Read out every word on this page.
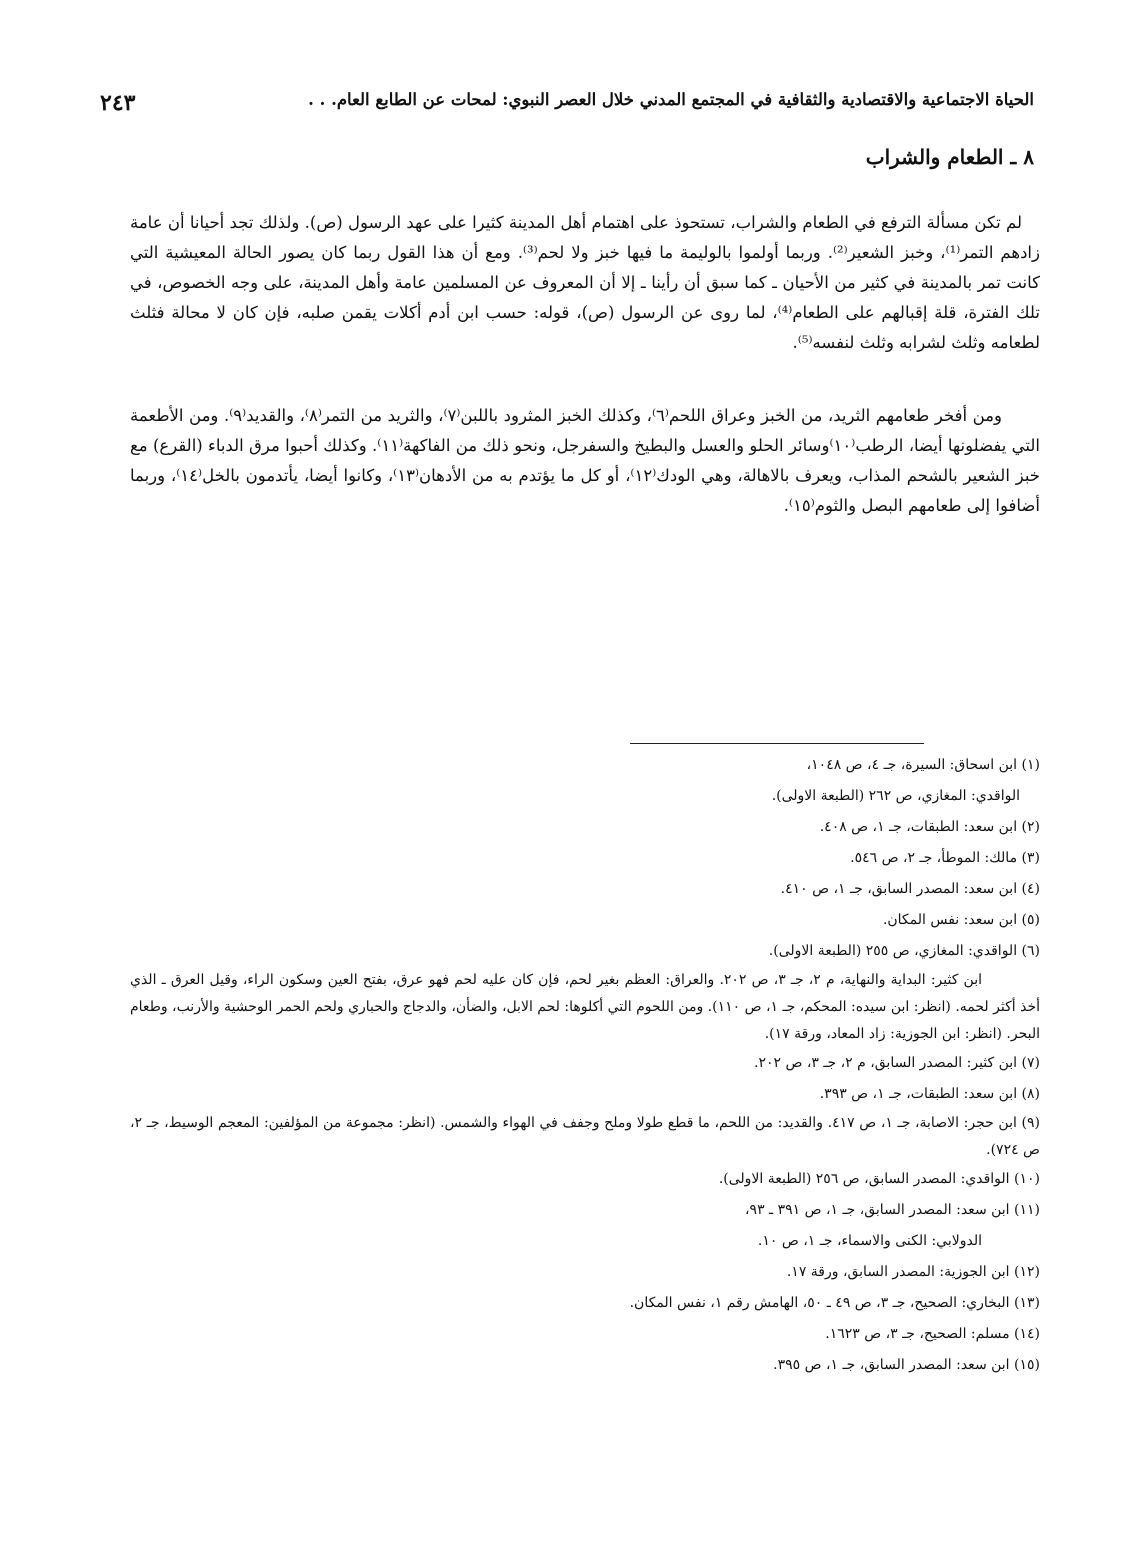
الحياة الاجتماعية والاقتصادية والثقافية في المجتمع المدني خلال العصر النبوي: لمحات عن الطابع العام. . .
٢٤٣
٨ ـ الطعام والشراب

لم تكن مسألة الترفع في الطعام والشراب، تستحوذ على اهتمام أهل المدينة كثيرا على عهد الرسول (ص). ولذلك تجد أحيانا أن عامة زادهم التمر⁽¹⁾، وخبز الشعير⁽²⁾. وربما أولموا بالوليمة ما فيها خبز ولا لحم⁽³⁾. ومع أن هذا القول ربما كان يصور الحالة المعيشية التي كانت تمر بالمدينة في كثير من الأحيان ـ كما سبق أن رأينا ـ إلا أن المعروف عن المسلمين عامة وأهل المدينة، على وجه الخصوص، في تلك الفترة، قلة إقبالهم على الطعام⁽⁴⁾، لما روى عن الرسول (ص)، قوله: حسب ابن أدم أكلات يقمن صلبه، فإن كان لا محالة فثلث لطعامه وثلث لشرابه وثلث لنفسه⁽⁵⁾.

ومن أفخر طعامهم الثريد، من الخبز وعراق اللحم⁽٦⁾، وكذلك الخبز المثرود باللبن⁽٧⁾، والثريد من التمر⁽٨⁾، والقديد⁽٩⁾. ومن الأطعمة التي يفضلونها أيضا، الرطب⁽١٠⁾وسائر الحلو والعسل والبطيخ والسفرجل، ونحو ذلك من الفاكهة⁽١١⁾. وكذلك أحبوا مرق الدباء (القرع) مع خبز الشعير بالشحم المذاب، ويعرف بالاهالة، وهي الودك⁽١٢⁾، أو كل ما يؤتدم به من الأدهان⁽١٣⁾، وكانوا أيضا، يأتدمون بالخل⁽١٤⁾، وربما أضافوا إلى طعامهم البصل والثوم⁽١٥⁾.

(١) ابن اسحاق: السيرة، جـ ٤، ص ١٠٤٨،

الواقدي: المغازي، ص ٢٦٢ (الطبعة الاولى).

(٢) ابن سعد: الطبقات، جـ ١، ص ٤٠٨.

(٣) مالك: الموطأ، جـ ٢، ص ٥٤٦.

(٤) ابن سعد: المصدر السابق، جـ ١، ص ٤١٠.

(٥) ابن سعد: نفس المكان.

(٦) الواقدي: المغازي، ص ٢٥٥ (الطبعة الاولى).

ابن كثير: البداية والنهاية، م ٢، جـ ٣، ص ٢٠٢. والعراق: العظم بغير لحم، فإن كان عليه لحم فهو عرق، بفتح العين وسكون الراء، وقيل العرق ـ الذي أخذ أكثر لحمه. (انظر: ابن سيده: المحكم، جـ ١، ص ١١٠). ومن اللحوم التي أكلوها: لحم الابل، والضأن، والدجاج والحباري ولحم الحمر الوحشية والأرنب، وطعام البحر. (انظر: ابن الجوزية: زاد المعاد، ورقة ١٧).

(٧) ابن كثير: المصدر السابق، م ٢، جـ ٣، ص ٢٠٢.

(٨) ابن سعد: الطبقات، جـ ١، ص ٣٩٣.

(٩) ابن حجر: الاصابة، جـ ١، ص ٤١٧. والقديد: من اللحم، ما قطع طولا وملح وجفف في الهواء والشمس. (انظر: مجموعة من المؤلفين: المعجم الوسيط، جـ ٢، ص ٧٢٤).

(١٠) الواقدي: المصدر السابق، ص ٢٥٦ (الطبعة الاولى).

(١١) ابن سعد: المصدر السابق، جـ ١، ص ٣٩١ ـ ٩٣،

الدولابي: الكنى والاسماء، جـ ١، ص ١٠.

(١٢) ابن الجوزية: المصدر السابق، ورقة ١٧.

(١٣) البخاري: الصحيح، جـ ٣، ص ٤٩ ـ ٥٠، الهامش رقم ١، نفس المكان.

(١٤) مسلم: الصحيح، جـ ٣، ص ١٦٢٣.

(١٥) ابن سعد: المصدر السابق، جـ ١، ص ٣٩٥.
